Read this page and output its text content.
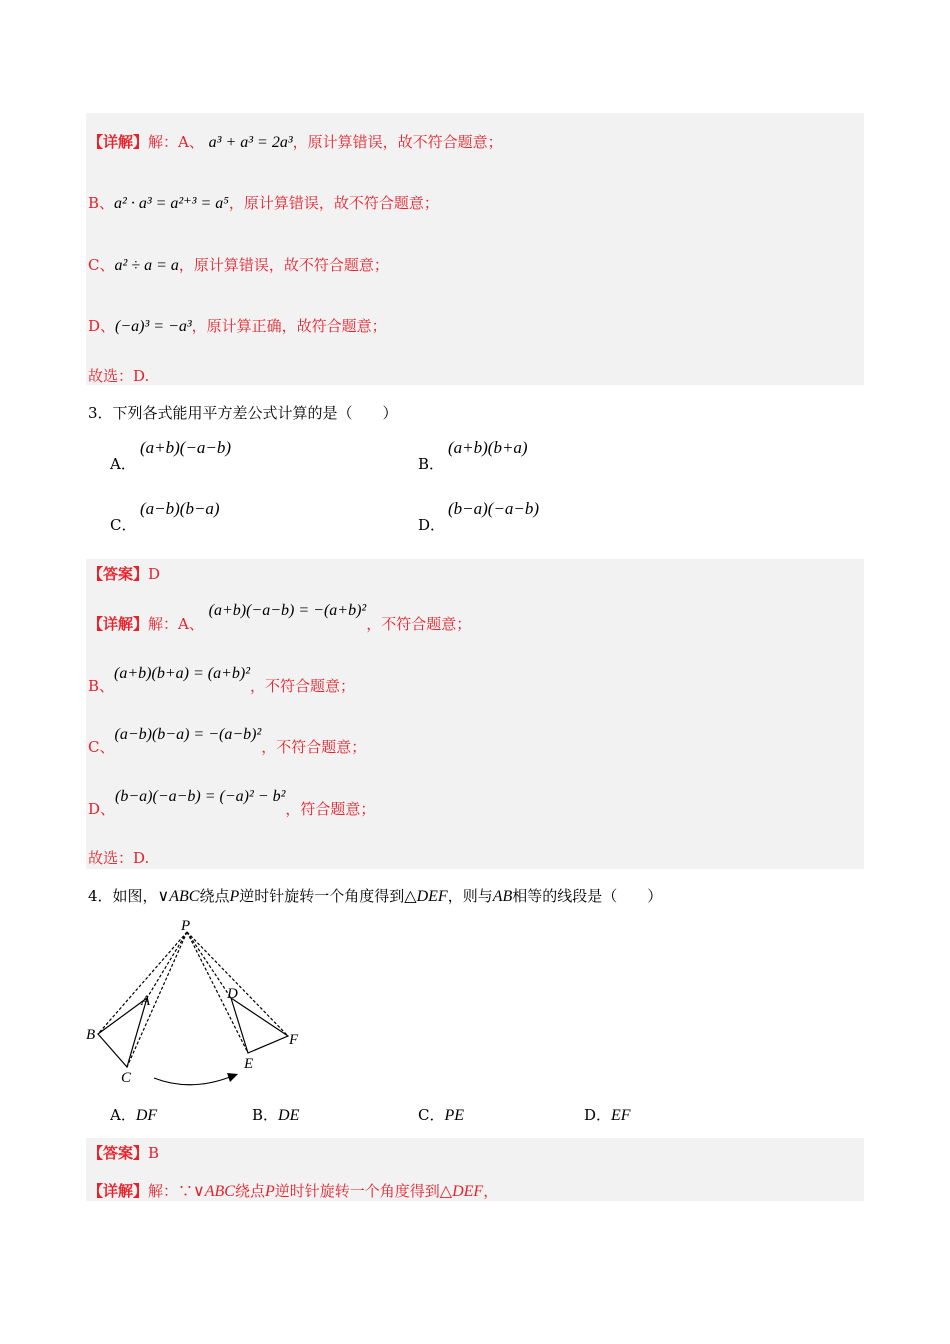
【详解】解：A、 a³ + a³ = 2a³，原计算错误，故不符合题意；
B、a² · a³ = a²⁺³ = a⁵，原计算错误，故不符合题意；
C、a² ÷ a = a，原计算错误，故不符合题意；
D、(−a)³ = −a³，原计算正确，故符合题意；
故选：D.
3．下列各式能用平方差公式计算的是（　　）
A．
(a+b)(−a−b)
B．
(a+b)(b+a)
C．
(a−b)(b−a)
D．
(b−a)(−a−b)
【答案】D
【详解】解：A、 (a+b)(−a−b) = −(a+b)²，不符合题意；
B、(a+b)(b+a) = (a+b)²，不符合题意；
C、(a−b)(b−a) = −(a−b)²，不符合题意；
D、(b−a)(−a−b) = (−a)² − b²，符合题意；
故选：D.
4．如图，∨ABC绕点P逆时针旋转一个角度得到△DEF，则与AB相等的线段是（　　）
P
A
B
C
D
E
F
A．DF	B．DE	C．PE	D．EF
【答案】B
【详解】解：∵∨ABC绕点P逆时针旋转一个角度得到△DEF，
